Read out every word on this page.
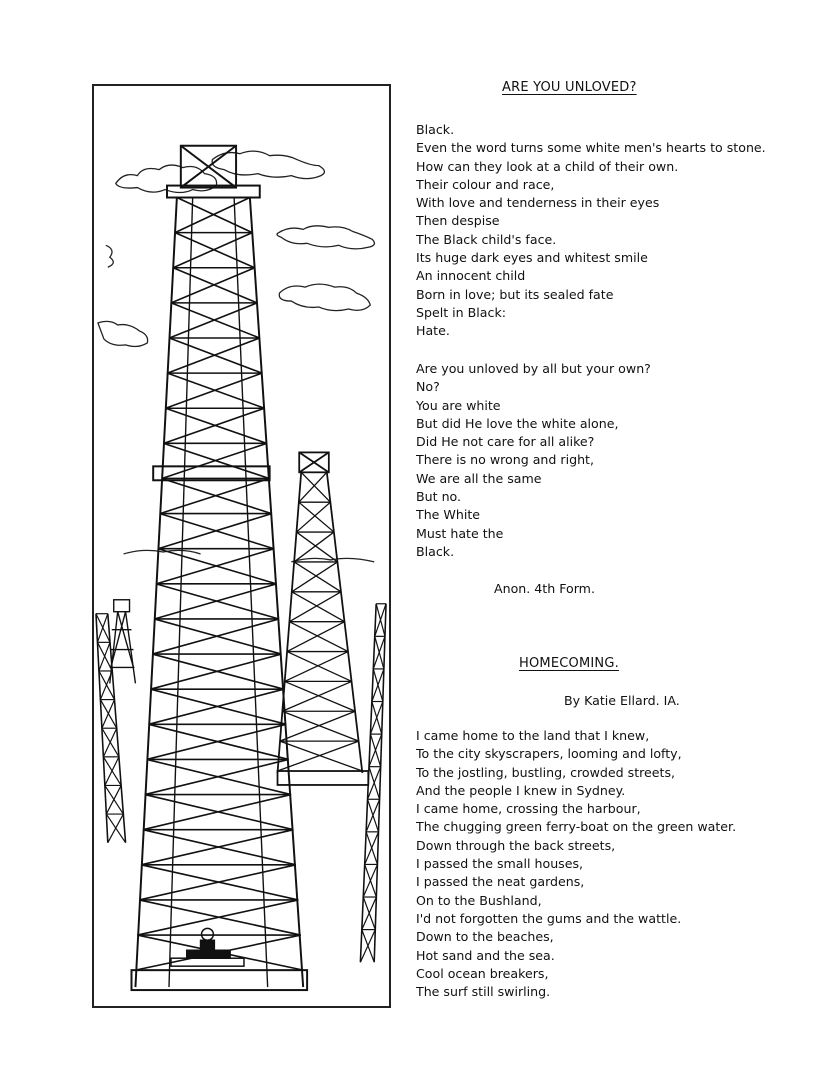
ARE YOU UNLOVED?
Black.
Even the word turns some white men's hearts to stone.
How can they look at a child of their own.
Their colour and race,
With love and tenderness in their eyes
Then despise
The Black child's face.
Its huge dark eyes and whitest smile
An innocent child
Born in love; but its sealed fate
Spelt in Black:
Hate.
Are you unloved by all but your own?
No?
You are white
But did He love the white alone,
Did He not care for all alike?
There is no wrong and right,
We are all the same
But no.
The White
Must hate the
Black.
Anon. 4th Form.
HOMECOMING.
By Katie Ellard. IA.
I came home to the land that I knew,
To the city skyscrapers, looming and lofty,
To the jostling, bustling, crowded streets,
And the people I knew in Sydney.
I came home, crossing the harbour,
The chugging green ferry-boat on the green water.
Down through the back streets,
I passed the small houses,
I passed the neat gardens,
On to the Bushland,
I'd not forgotten the gums and the wattle.
Down to the beaches,
Hot sand and the sea.
Cool ocean breakers,
The surf still swirling.
